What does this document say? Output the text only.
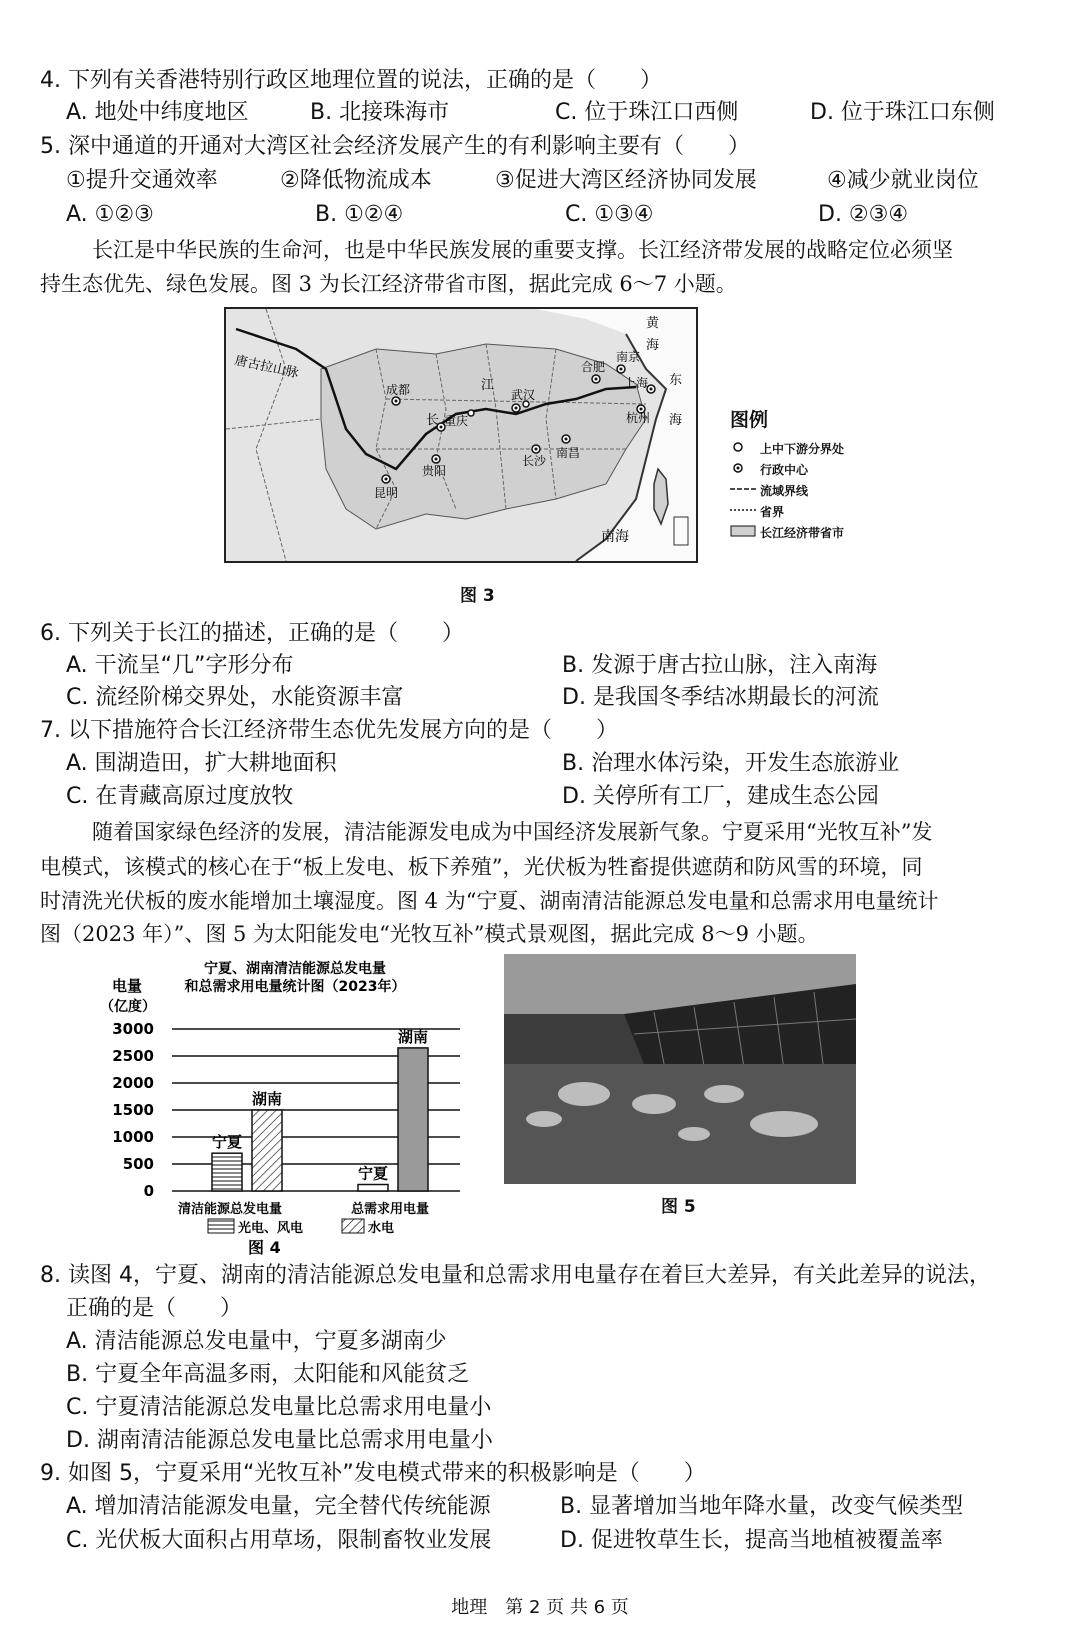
4. 下列有关香港特别行政区地理位置的说法，正确的是（　　）
A. 地处中纬度地区	B. 北接珠海市	C. 位于珠江口西侧	D. 位于珠江口东侧
5. 深中通道的开通对大湾区社会经济发展产生的有利影响主要有（　　）
①提升交通效率	②降低物流成本	③促进大湾区经济协同发展	④减少就业岗位
A. ①②③	B. ①②④	C. ①③④	D. ②③④
长江是中华民族的生命河，也是中华民族发展的重要支撑。长江经济带发展的战略定位必须坚
持生态优先、绿色发展。图 3 为长江经济带省市图，据此完成 6～7 小题。
唐古拉山脉
成都
重庆
长
江
武汉
合肥
南京
上海
杭州
贵阳
长沙
南昌
昆明
黄
海
东
海
南海
图例
上中下游分界处
行政中心
流域界线
省界
长江经济带省市
图 3
6. 下列关于长江的描述，正确的是（　　）
A. 干流呈“几”字形分布	B. 发源于唐古拉山脉，注入南海
C. 流经阶梯交界处，水能资源丰富	D. 是我国冬季结冰期最长的河流
7. 以下措施符合长江经济带生态优先发展方向的是（　　）
A. 围湖造田，扩大耕地面积	B. 治理水体污染，开发生态旅游业
C. 在青藏高原过度放牧	D. 关停所有工厂，建成生态公园
随着国家绿色经济的发展，清洁能源发电成为中国经济发展新气象。宁夏采用“光牧互补”发
电模式，该模式的核心在于“板上发电、板下养殖”，光伏板为牲畜提供遮荫和防风雪的环境，同
时清洗光伏板的废水能增加土壤湿度。图 4 为“宁夏、湖南清洁能源总发电量和总需求用电量统计
图（2023 年）”、图 5 为太阳能发电“光牧互补”模式景观图，据此完成 8～9 小题。
宁夏、湖南清洁能源总发电量
和总需求用电量统计图（2023年）
电量
（亿度）
3000
2500
2000
1500
1000
500
0
宁夏
湖南
宁夏
湖南
清洁能源总发电量	总需求用电量
光电、风电	水电
图 4
图 5
8. 读图 4，宁夏、湖南的清洁能源总发电量和总需求用电量存在着巨大差异，有关此差异的说法，
正确的是（　　）
A. 清洁能源总发电量中，宁夏多湖南少
B. 宁夏全年高温多雨，太阳能和风能贫乏
C. 宁夏清洁能源总发电量比总需求用电量小
D. 湖南清洁能源总发电量比总需求用电量小
9. 如图 5，宁夏采用“光牧互补”发电模式带来的积极影响是（　　）
A. 增加清洁能源发电量，完全替代传统能源	B. 显著增加当地年降水量，改变气候类型
C. 光伏板大面积占用草场，限制畜牧业发展	D. 促进牧草生长，提高当地植被覆盖率
地理　第 2 页 共 6 页
